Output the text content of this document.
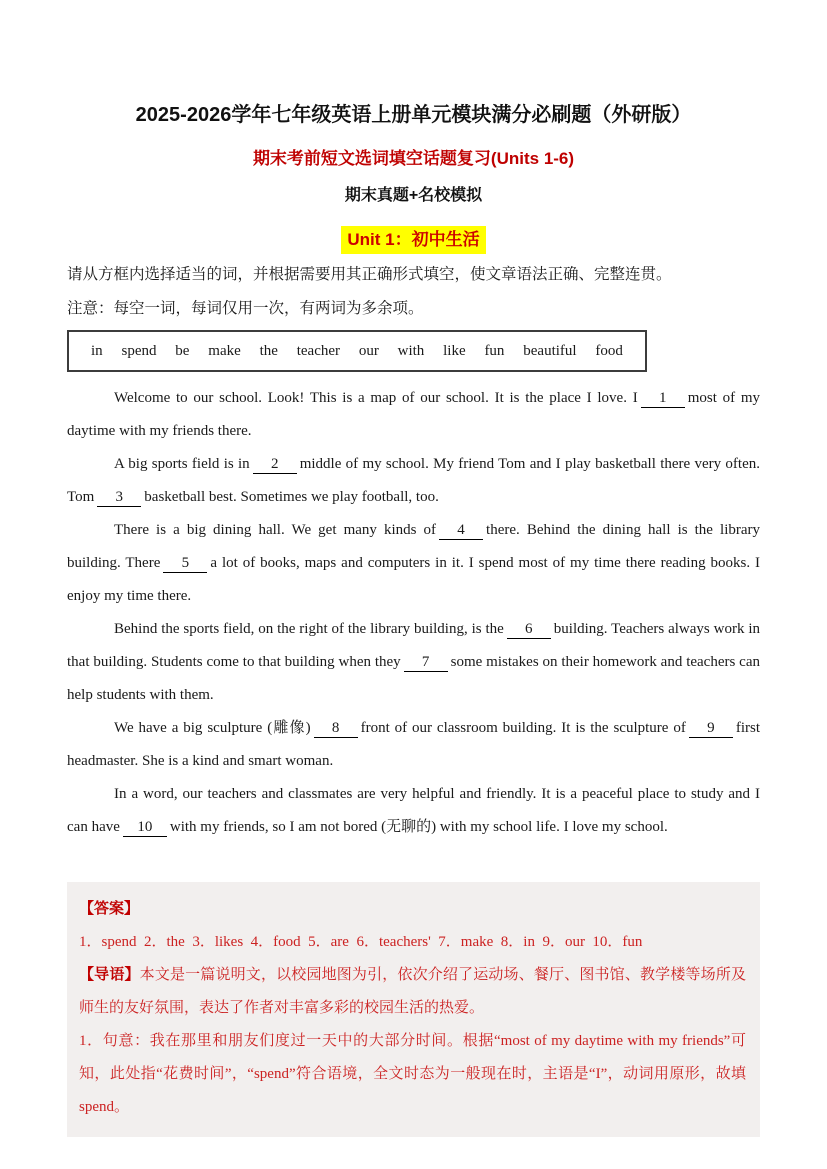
2025-2026学年七年级英语上册单元模块满分必刷题（外研版）
期末考前短文选词填空话题复习(Units 1-6)
期末真题+名校模拟
Unit 1：初中生活

请从方框内选择适当的词，并根据需要用其正确形式填空，使文章语法正确、完整连贯。

注意：每空一词，每词仅用一次，有两词为多余项。

in spend be make the teacher our with like fun beautiful food

Welcome to our school. Look! This is a map of our school. It is the place I love. I 1 most of my daytime with my friends there.

A big sports field is in 2 middle of my school. My friend Tom and I play basketball there very often. Tom 3 basketball best. Sometimes we play football, too.

There is a big dining hall. We get many kinds of 4 there. Behind the dining hall is the library building. There 5 a lot of books, maps and computers in it. I spend most of my time there reading books. I enjoy my time there.

Behind the sports field, on the right of the library building, is the 6 building. Teachers always work in that building. Students come to that building when they 7 some mistakes on their homework and teachers can help students with them.

We have a big sculpture (雕像) 8 front of our classroom building. It is the sculpture of 9 first headmaster. She is a kind and smart woman.

In a word, our teachers and classmates are very helpful and friendly. It is a peaceful place to study and I can have 10 with my friends, so I am not bored (无聊的) with my school life. I love my school.

【答案】

1．spend  2．the  3．likes  4．food  5．are  6．teachers'  7．make  8．in  9．our  10．fun

【导语】本文是一篇说明文，以校园地图为引，依次介绍了运动场、餐厅、图书馆、教学楼等场所及师生的友好氛围，表达了作者对丰富多彩的校园生活的热爱。

1．句意：我在那里和朋友们度过一天中的大部分时间。根据“most of my daytime with my friends”可知，此处指“花费时间”，“spend”符合语境，全文时态为一般现在时，主语是“I”，动词用原形，故填 spend。
